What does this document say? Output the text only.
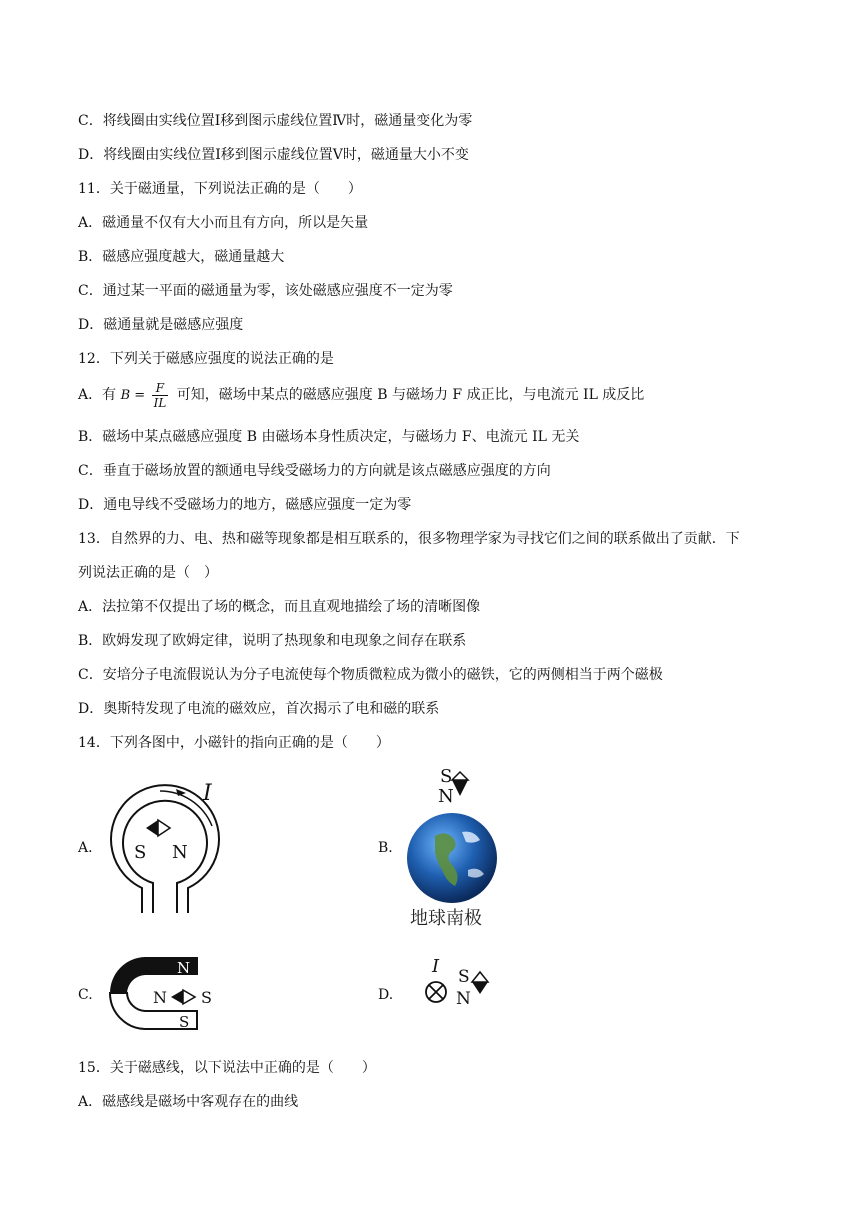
C．将线圈由实线位置Ⅰ移到图示虚线位置Ⅳ时，磁通量变化为零
D．将线圈由实线位置Ⅰ移到图示虚线位置Ⅴ时，磁通量大小不变
11．关于磁通量，下列说法正确的是（　　）
A．磁通量不仅有大小而且有方向，所以是矢量
B．磁感应强度越大，磁通量越大
C．通过某一平面的磁通量为零，该处磁感应强度不一定为零
D．磁通量就是磁感应强度
12．下列关于磁感应强度的说法正确的是
A．有 $B = \frac{F}{IL}$ 可知，磁场中某点的磁感应强度 B 与磁场力 F 成正比，与电流元 IL 成反比
B．磁场中某点磁感应强度 B 由磁场本身性质决定，与磁场力 F、电流元 IL 无关
C．垂直于磁场放置的额通电导线受磁场力的方向就是该点磁感应强度的方向
D．通电导线不受磁场力的地方，磁感应强度一定为零
13．自然界的力、电、热和磁等现象都是相互联系的，很多物理学家为寻找它们之间的联系做出了贡献．下
列说法正确的是（　）
A．法拉第不仅提出了场的概念，而且直观地描绘了场的清晰图像
B．欧姆发现了欧姆定律，说明了热现象和电现象之间存在联系
C．安培分子电流假说认为分子电流使每个物质微粒成为微小的磁铁，它的两侧相当于两个磁极
D．奥斯特发现了电流的磁效应，首次揭示了电和磁的联系
14．下列各图中，小磁针的指向正确的是（　　）
A.
I
S N	B.
S
N
地球南极
C.
N
S
N S	D.
I S
N
15．关于磁感线，以下说法中正确的是（　　）
A．磁感线是磁场中客观存在的曲线
